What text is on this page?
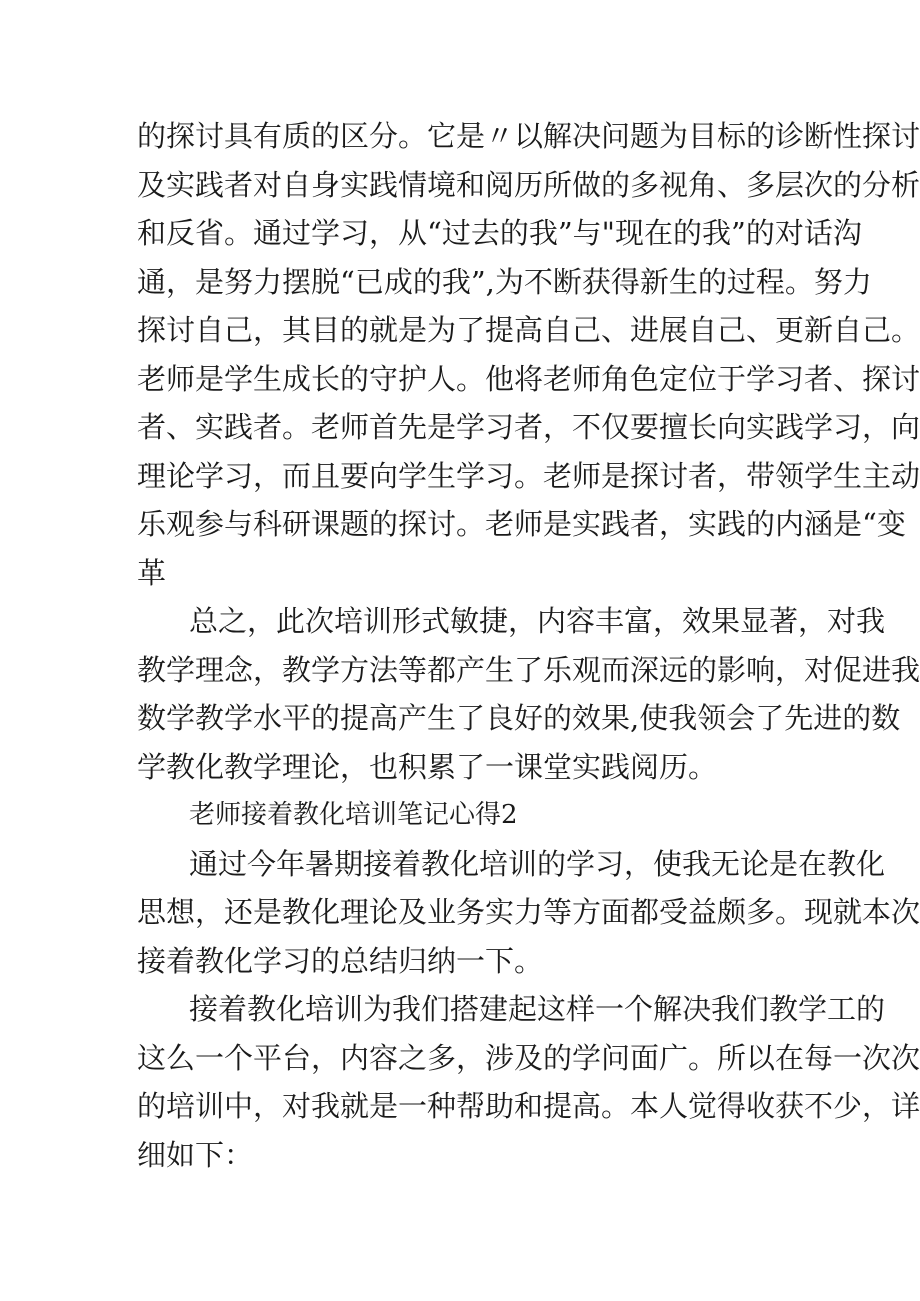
的探讨具有质的区分。它是〃以解决问题为目标的诊断性探讨
及实践者对自身实践情境和阅历所做的多视角、多层次的分析
和反省。通过学习，从“过去的我”与"现在的我”的对话沟
通，是努力摆脱“已成的我”,为不断获得新生的过程。努力
探讨自己，其目的就是为了提高自己、进展自己、更新自己。
老师是学生成长的守护人。他将老师角色定位于学习者、探讨
者、实践者。老师首先是学习者，不仅要擅长向实践学习，向
理论学习，而且要向学生学习。老师是探讨者，带领学生主动
乐观参与科研课题的探讨。老师是实践者，实践的内涵是“变
革
总之，此次培训形式敏捷，内容丰富，效果显著，对我
教学理念，教学方法等都产生了乐观而深远的影响，对促进我
数学教学水平的提高产生了良好的效果,使我领会了先进的数
学教化教学理论，也积累了一课堂实践阅历。
老师接着教化培训笔记心得2
通过今年暑期接着教化培训的学习，使我无论是在教化
思想，还是教化理论及业务实力等方面都受益颇多。现就本次
接着教化学习的总结归纳一下。
接着教化培训为我们搭建起这样一个解决我们教学工的
这么一个平台，内容之多，涉及的学问面广。所以在每一次次
的培训中，对我就是一种帮助和提高。本人觉得收获不少，详
细如下：
